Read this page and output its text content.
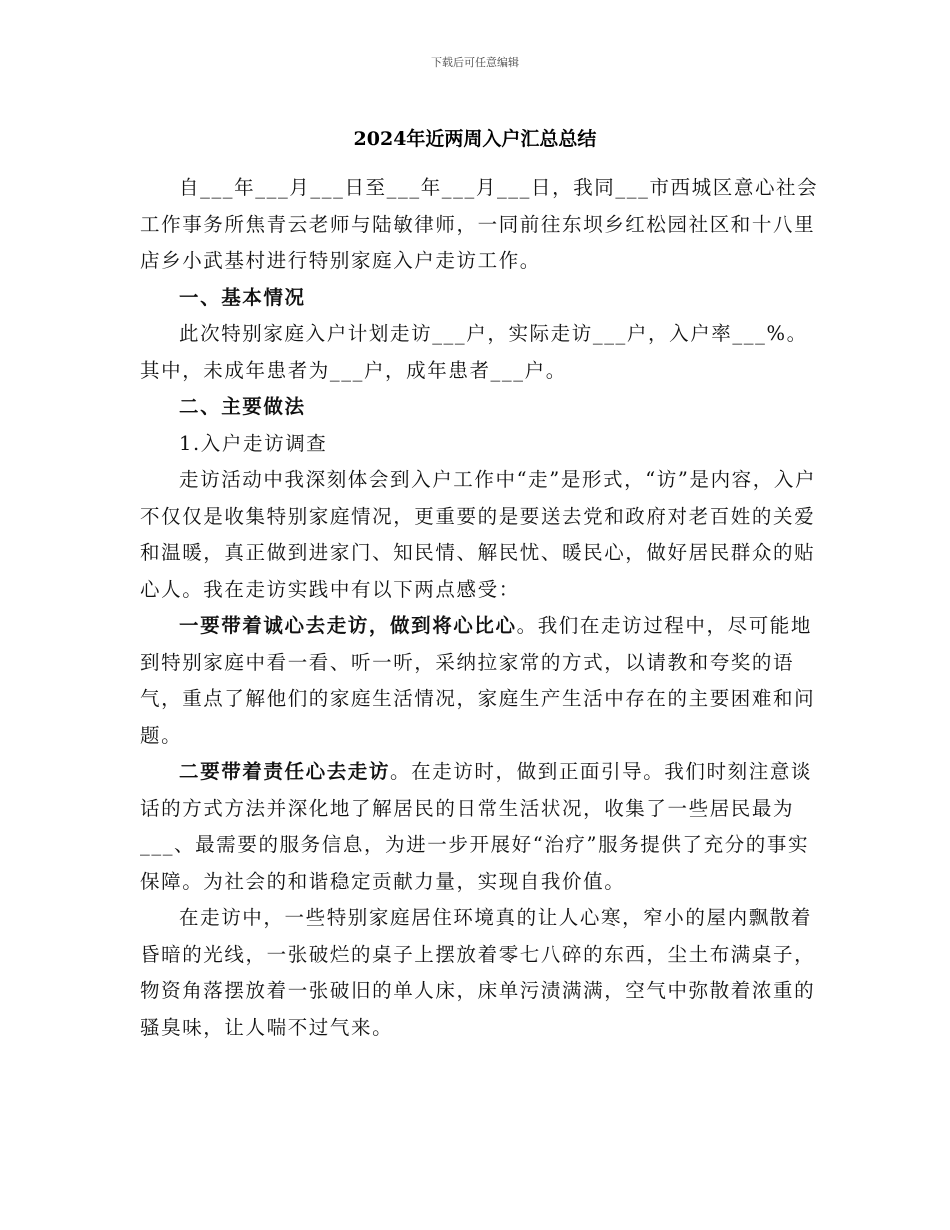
下载后可任意编辑
2024年近两周入户汇总总结

自___年___月___日至___年___月___日，我同___市西城区意心社会工作事务所焦青云老师与陆敏律师，一同前往东坝乡红松园社区和十八里店乡小武基村进行特别家庭入户走访工作。

一、基本情况

此次特别家庭入户计划走访___户，实际走访___户，入户率___%。其中，未成年患者为___户，成年患者___户。

二、主要做法

1.入户走访调查

走访活动中我深刻体会到入户工作中“走”是形式，“访”是内容，入户不仅仅是收集特别家庭情况，更重要的是要送去党和政府对老百姓的关爱和温暖，真正做到进家门、知民情、解民忧、暖民心，做好居民群众的贴心人。我在走访实践中有以下两点感受：

一要带着诚心去走访，做到将心比心。我们在走访过程中，尽可能地到特别家庭中看一看、听一听，采纳拉家常的方式，以请教和夸奖的语气，重点了解他们的家庭生活情况，家庭生产生活中存在的主要困难和问题。

二要带着责任心去走访。在走访时，做到正面引导。我们时刻注意谈话的方式方法并深化地了解居民的日常生活状况，收集了一些居民最为___、最需要的服务信息，为进一步开展好“治疗”服务提供了充分的事实保障。为社会的和谐稳定贡献力量，实现自我价值。

在走访中，一些特别家庭居住环境真的让人心寒，窄小的屋内飘散着昏暗的光线，一张破烂的桌子上摆放着零七八碎的东西，尘土布满桌子，物资角落摆放着一张破旧的单人床，床单污渍满满，空气中弥散着浓重的骚臭味，让人喘不过气来。
